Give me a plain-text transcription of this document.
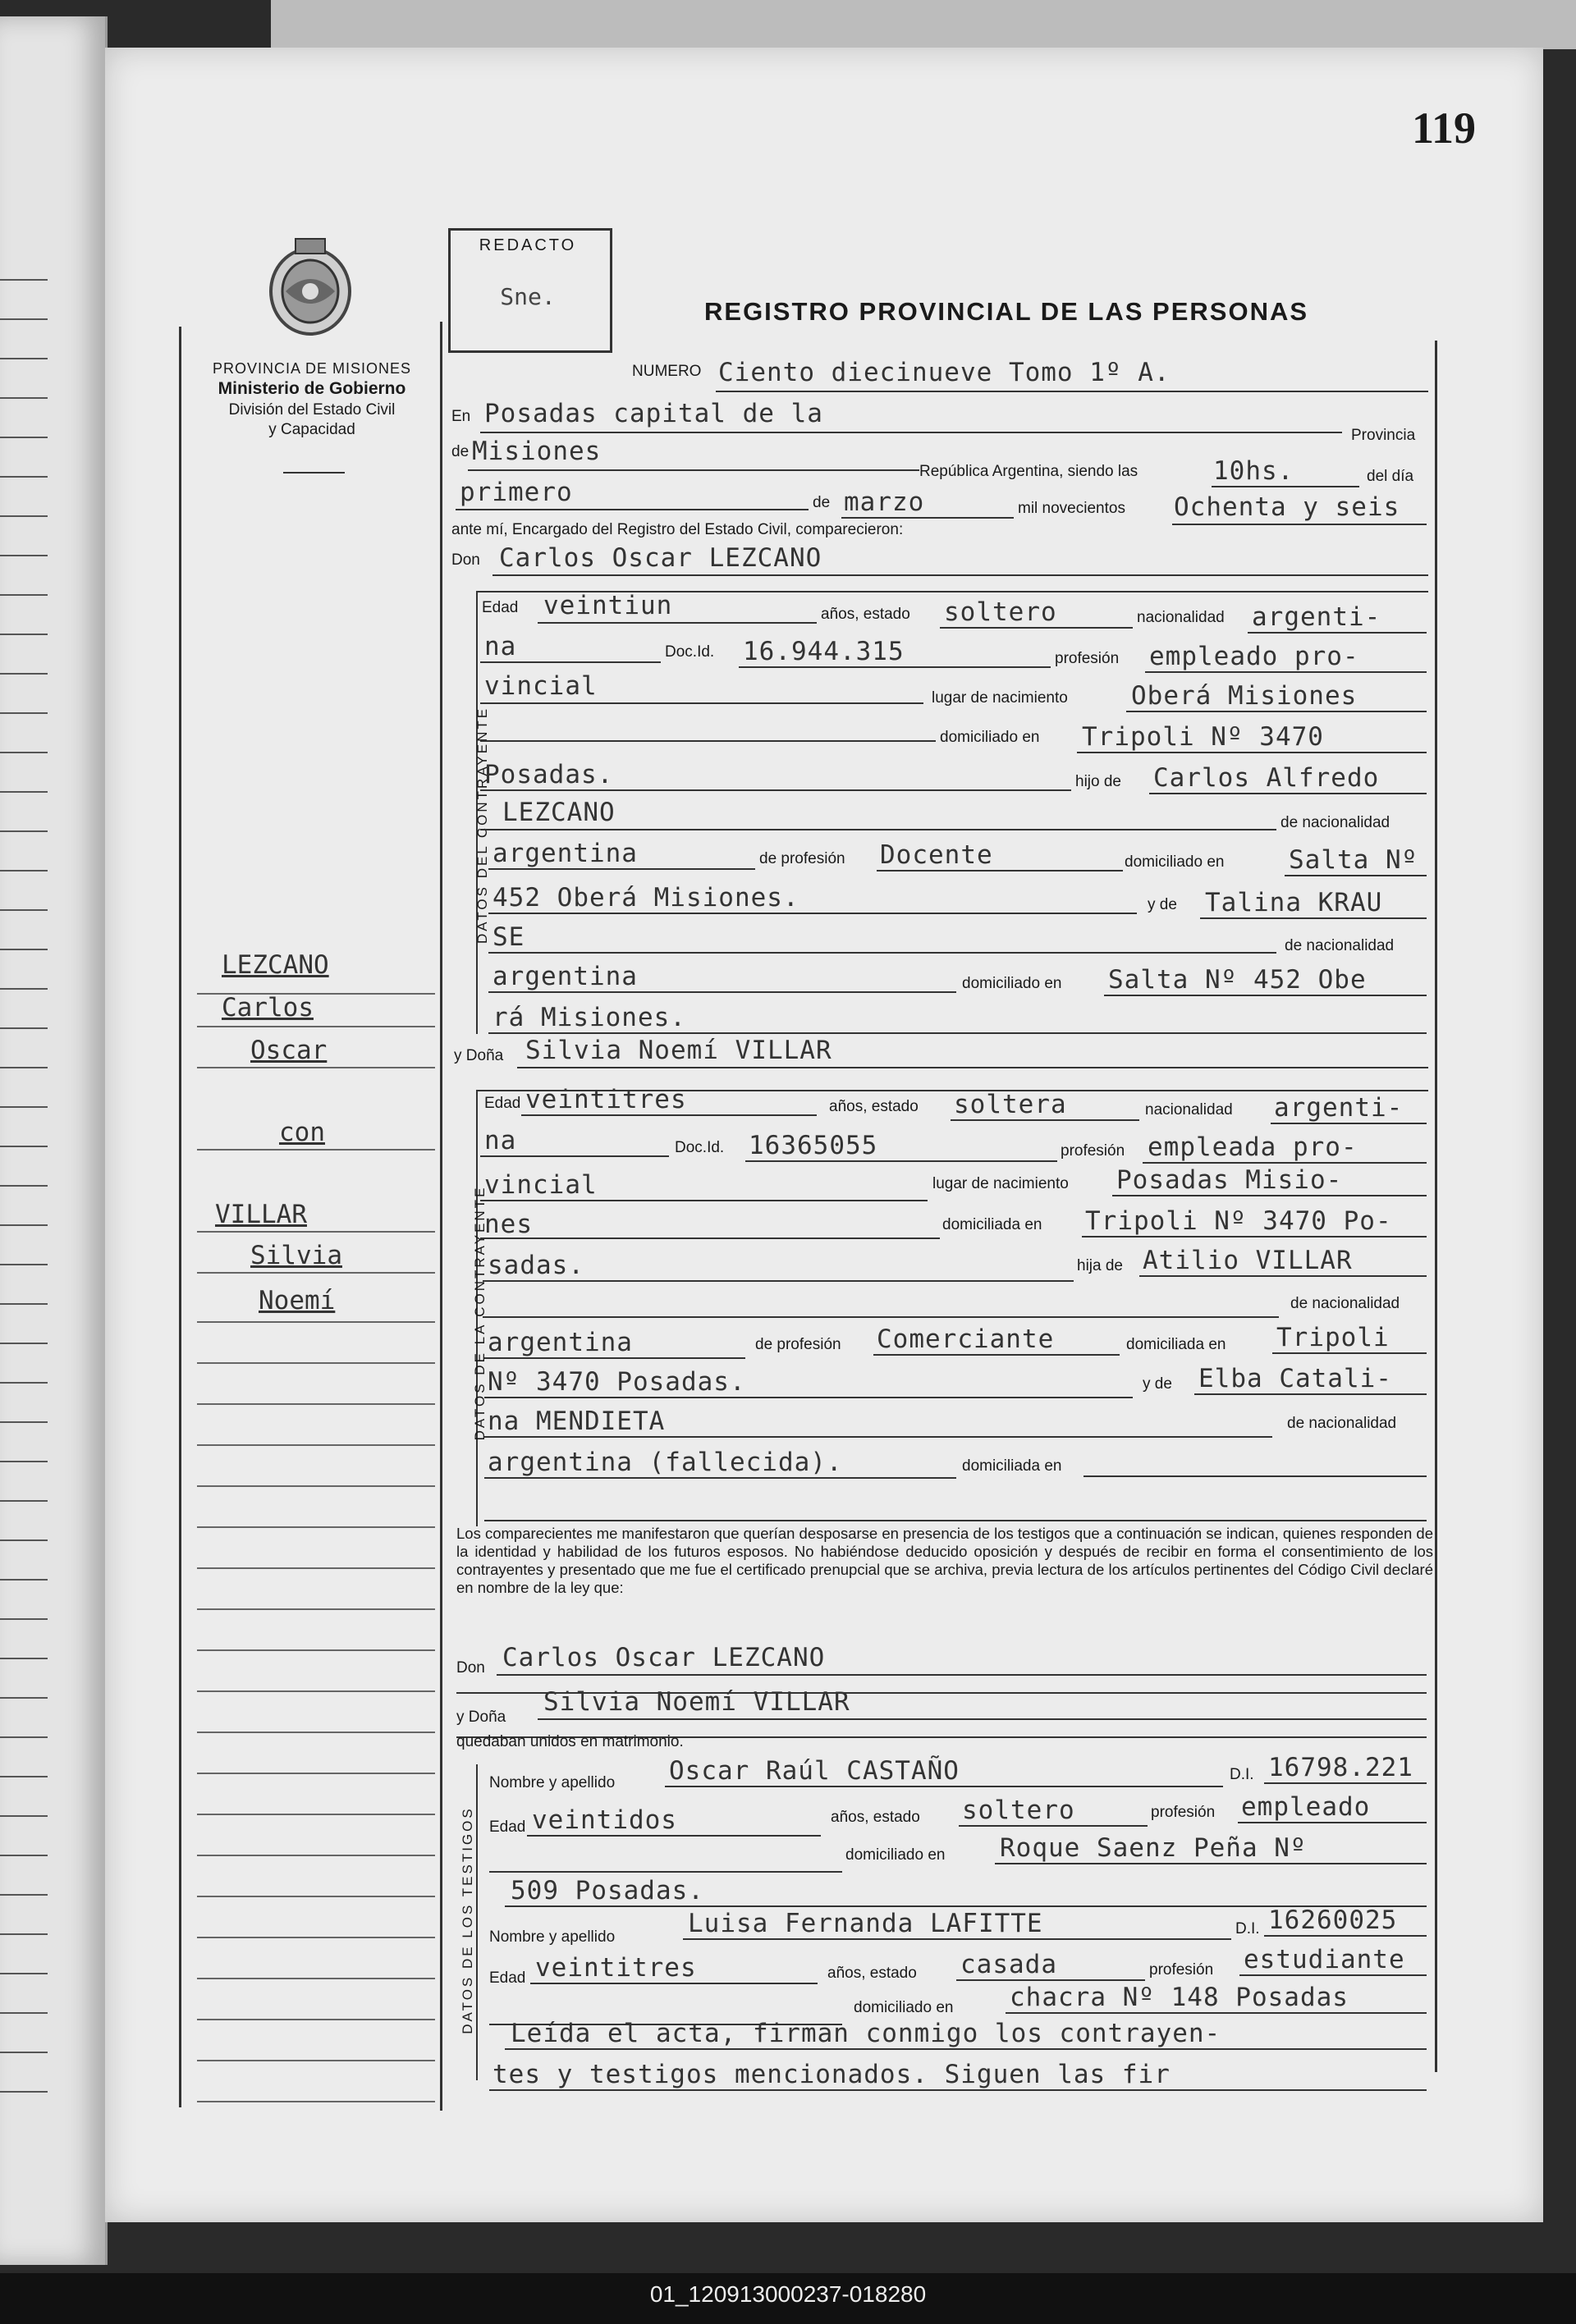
01_120913000237-018280
119
PROVINCIA DE MISIONES
Ministerio de Gobierno
División del Estado Civil
y Capacidad
REDACTO
Sne.
REGISTRO PROVINCIAL DE LAS PERSONAS
LEZCANO
Carlos
Oscar
con
VILLAR
Silvia
Noemí
NUMERO Ciento diecinueve Tomo 1º A.
En Posadas capital de la
Provincia
de Misiones
República Argentina, siendo las	10hs.	del día
primero	de marzo	mil novecientos Ochenta y seis
ante mí, Encargado del Registro del Estado Civil, comparecieron:
Don Carlos Oscar LEZCANO
DATOS DEL CONTRAYENTE
Edad veintiun	años, estado soltero	nacionalidad argenti-
na	Doc.Id. 16.944.315	profesión empleado pro-
vincial	lugar de nacimiento Oberá Misiones
domiciliado en Tripoli Nº 3470
Posadas.	hijo de Carlos Alfredo
LEZCANO	de nacionalidad
argentina	de profesión Docente	domiciliado en	Salta Nº
452 Oberá Misiones.	y de Talina KRAU
SE	de nacionalidad
argentina	domiciliado en Salta Nº 452 Obe
rá Misiones.
y Doña Silvia Noemí VILLAR
DATOS DE LA CONTRAYENTE
Edad veintitres	años, estado soltera	nacionalidad argenti-
na	Doc.Id. 16365055	profesión empleada pro-
vincial	lugar de nacimiento Posadas Misio-
nes	domiciliada en Tripoli Nº 3470 Po-
sadas.	hija de Atilio VILLAR
de nacionalidad
argentina	de profesión Comerciante	domiciliada en Tripoli
Nº 3470 Posadas.	y de Elba Catali-
na MENDIETA	de nacionalidad
argentina (fallecida).	domiciliada en
Los comparecientes me manifestaron que querían desposarse en presencia de los testigos que a continuación se indican, quienes responden de la identidad y habilidad de los futuros esposos. No habiéndose deducido oposición y después de recibir en forma el consentimiento de los contrayentes y presentado que me fue el certificado prenupcial que se archiva, previa lectura de los artículos pertinentes del Código Civil declaré en nombre de la ley que:
Don Carlos Oscar LEZCANO
y Doña
Silvia Noemí VILLAR
quedaban unidos en matrimonio.
DATOS DE LOS TESTIGOS
Nombre y apellido Oscar Raúl CASTAÑO	D.I. 16798.221
Edad veintidos	años, estado soltero	profesión empleado
domiciliado en Roque Saenz Peña Nº
509 Posadas.
Nombre y apellido	Luisa Fernanda LAFITTE	D.I. 16260025
Edad veintitres	años, estado casada	profesión estudiante
domiciliado en chacra Nº 148 Posadas
Leída el acta, firman conmigo los contrayen-
tes y testigos mencionados. Siguen las fir
